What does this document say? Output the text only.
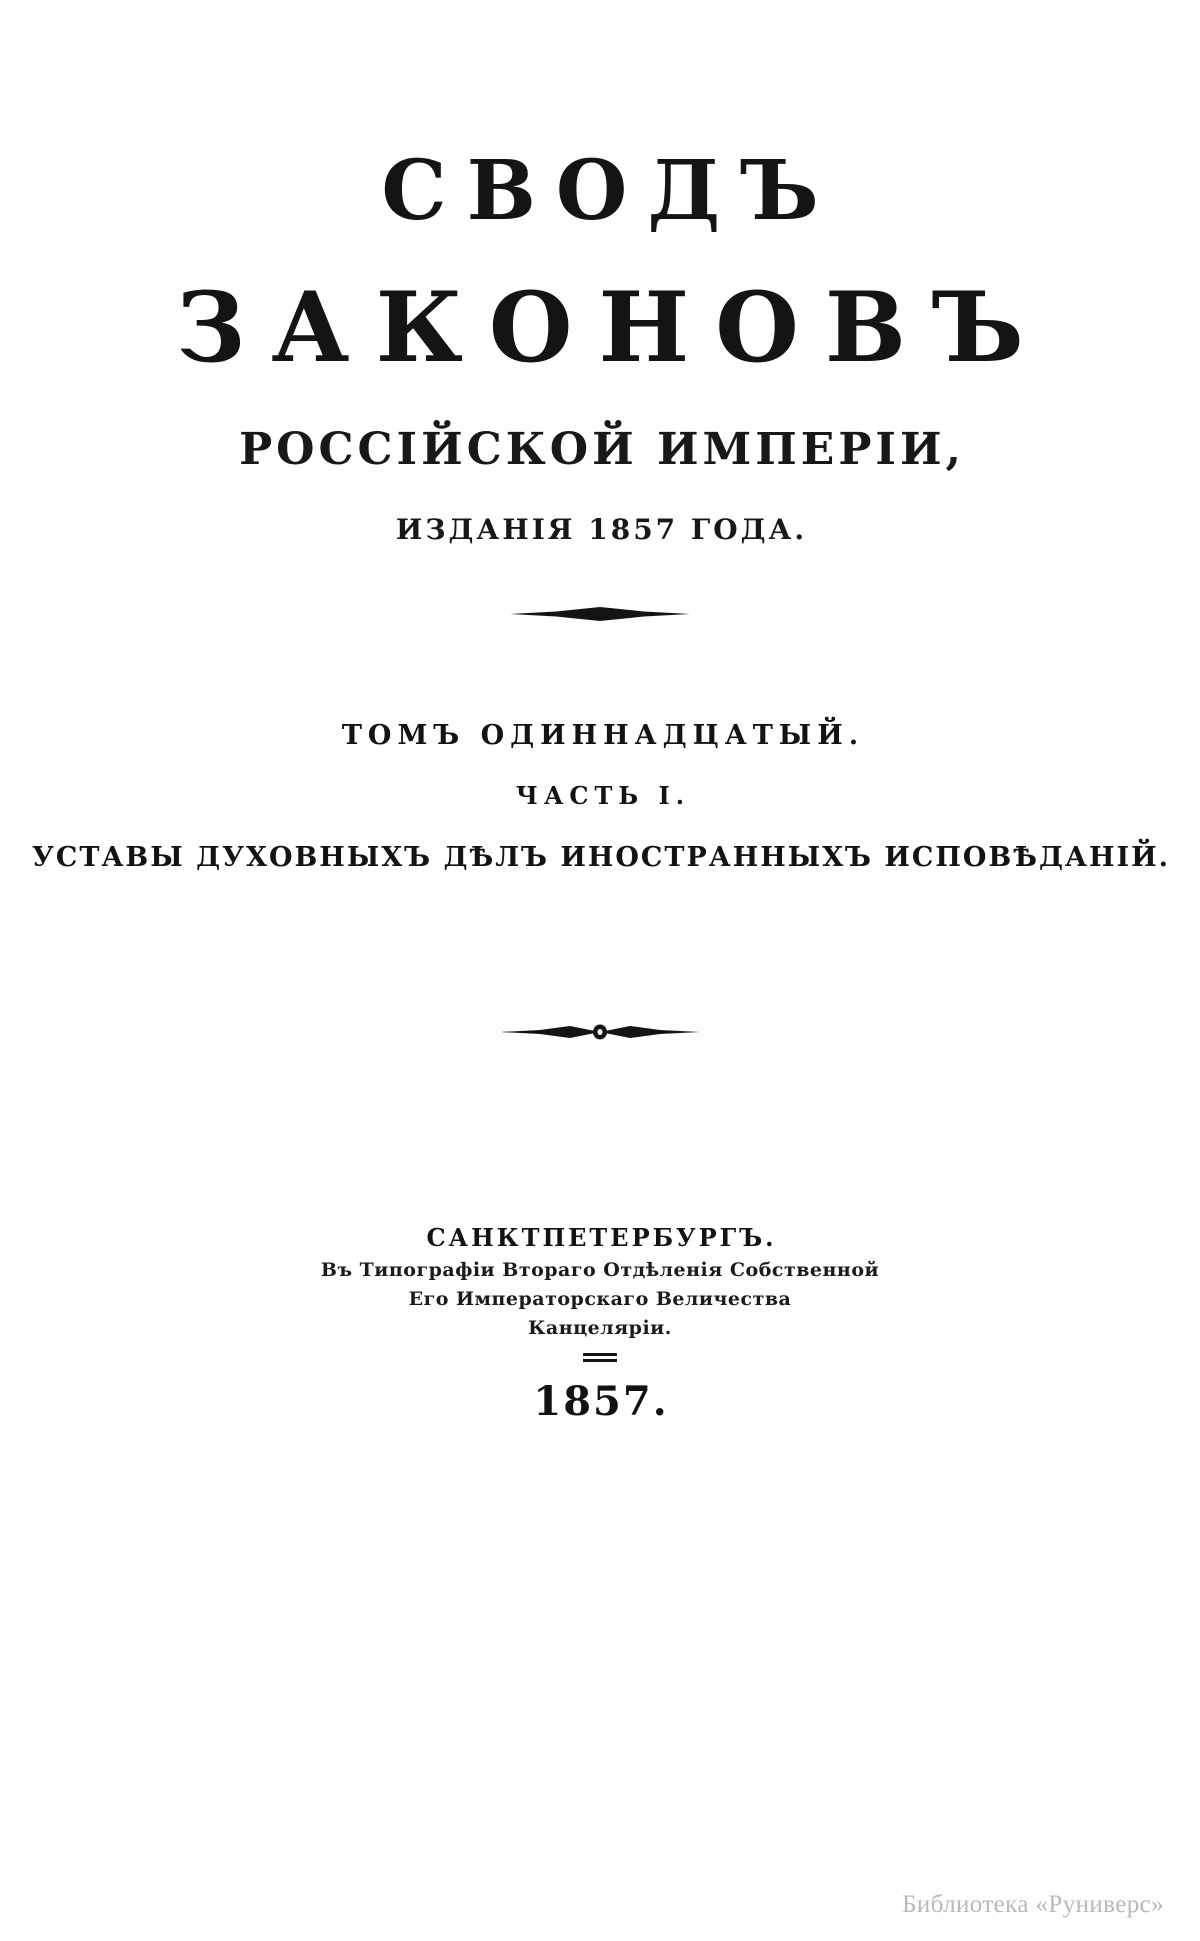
СВОДЪ
ЗАКОНОВЪ
РОССІЙСКОЙ ИМПЕРІИ,
ИЗДАНІЯ 1857 ГОДА.
ТОМЪ ОДИННАДЦАТЫЙ.
ЧАСТЬ I.
УСТАВЫ ДУХОВНЫХЪ ДѢЛЪ ИНОСТРАННЫХЪ ИСПОВѢДАНІЙ.
САНКТПЕТЕРБУРГЪ.
Въ Типографіи Втораго Отдѣленія Собственной
Его Императорскаго Величества
Канцеляріи.
1857.
Библиотека «Руниверс»
